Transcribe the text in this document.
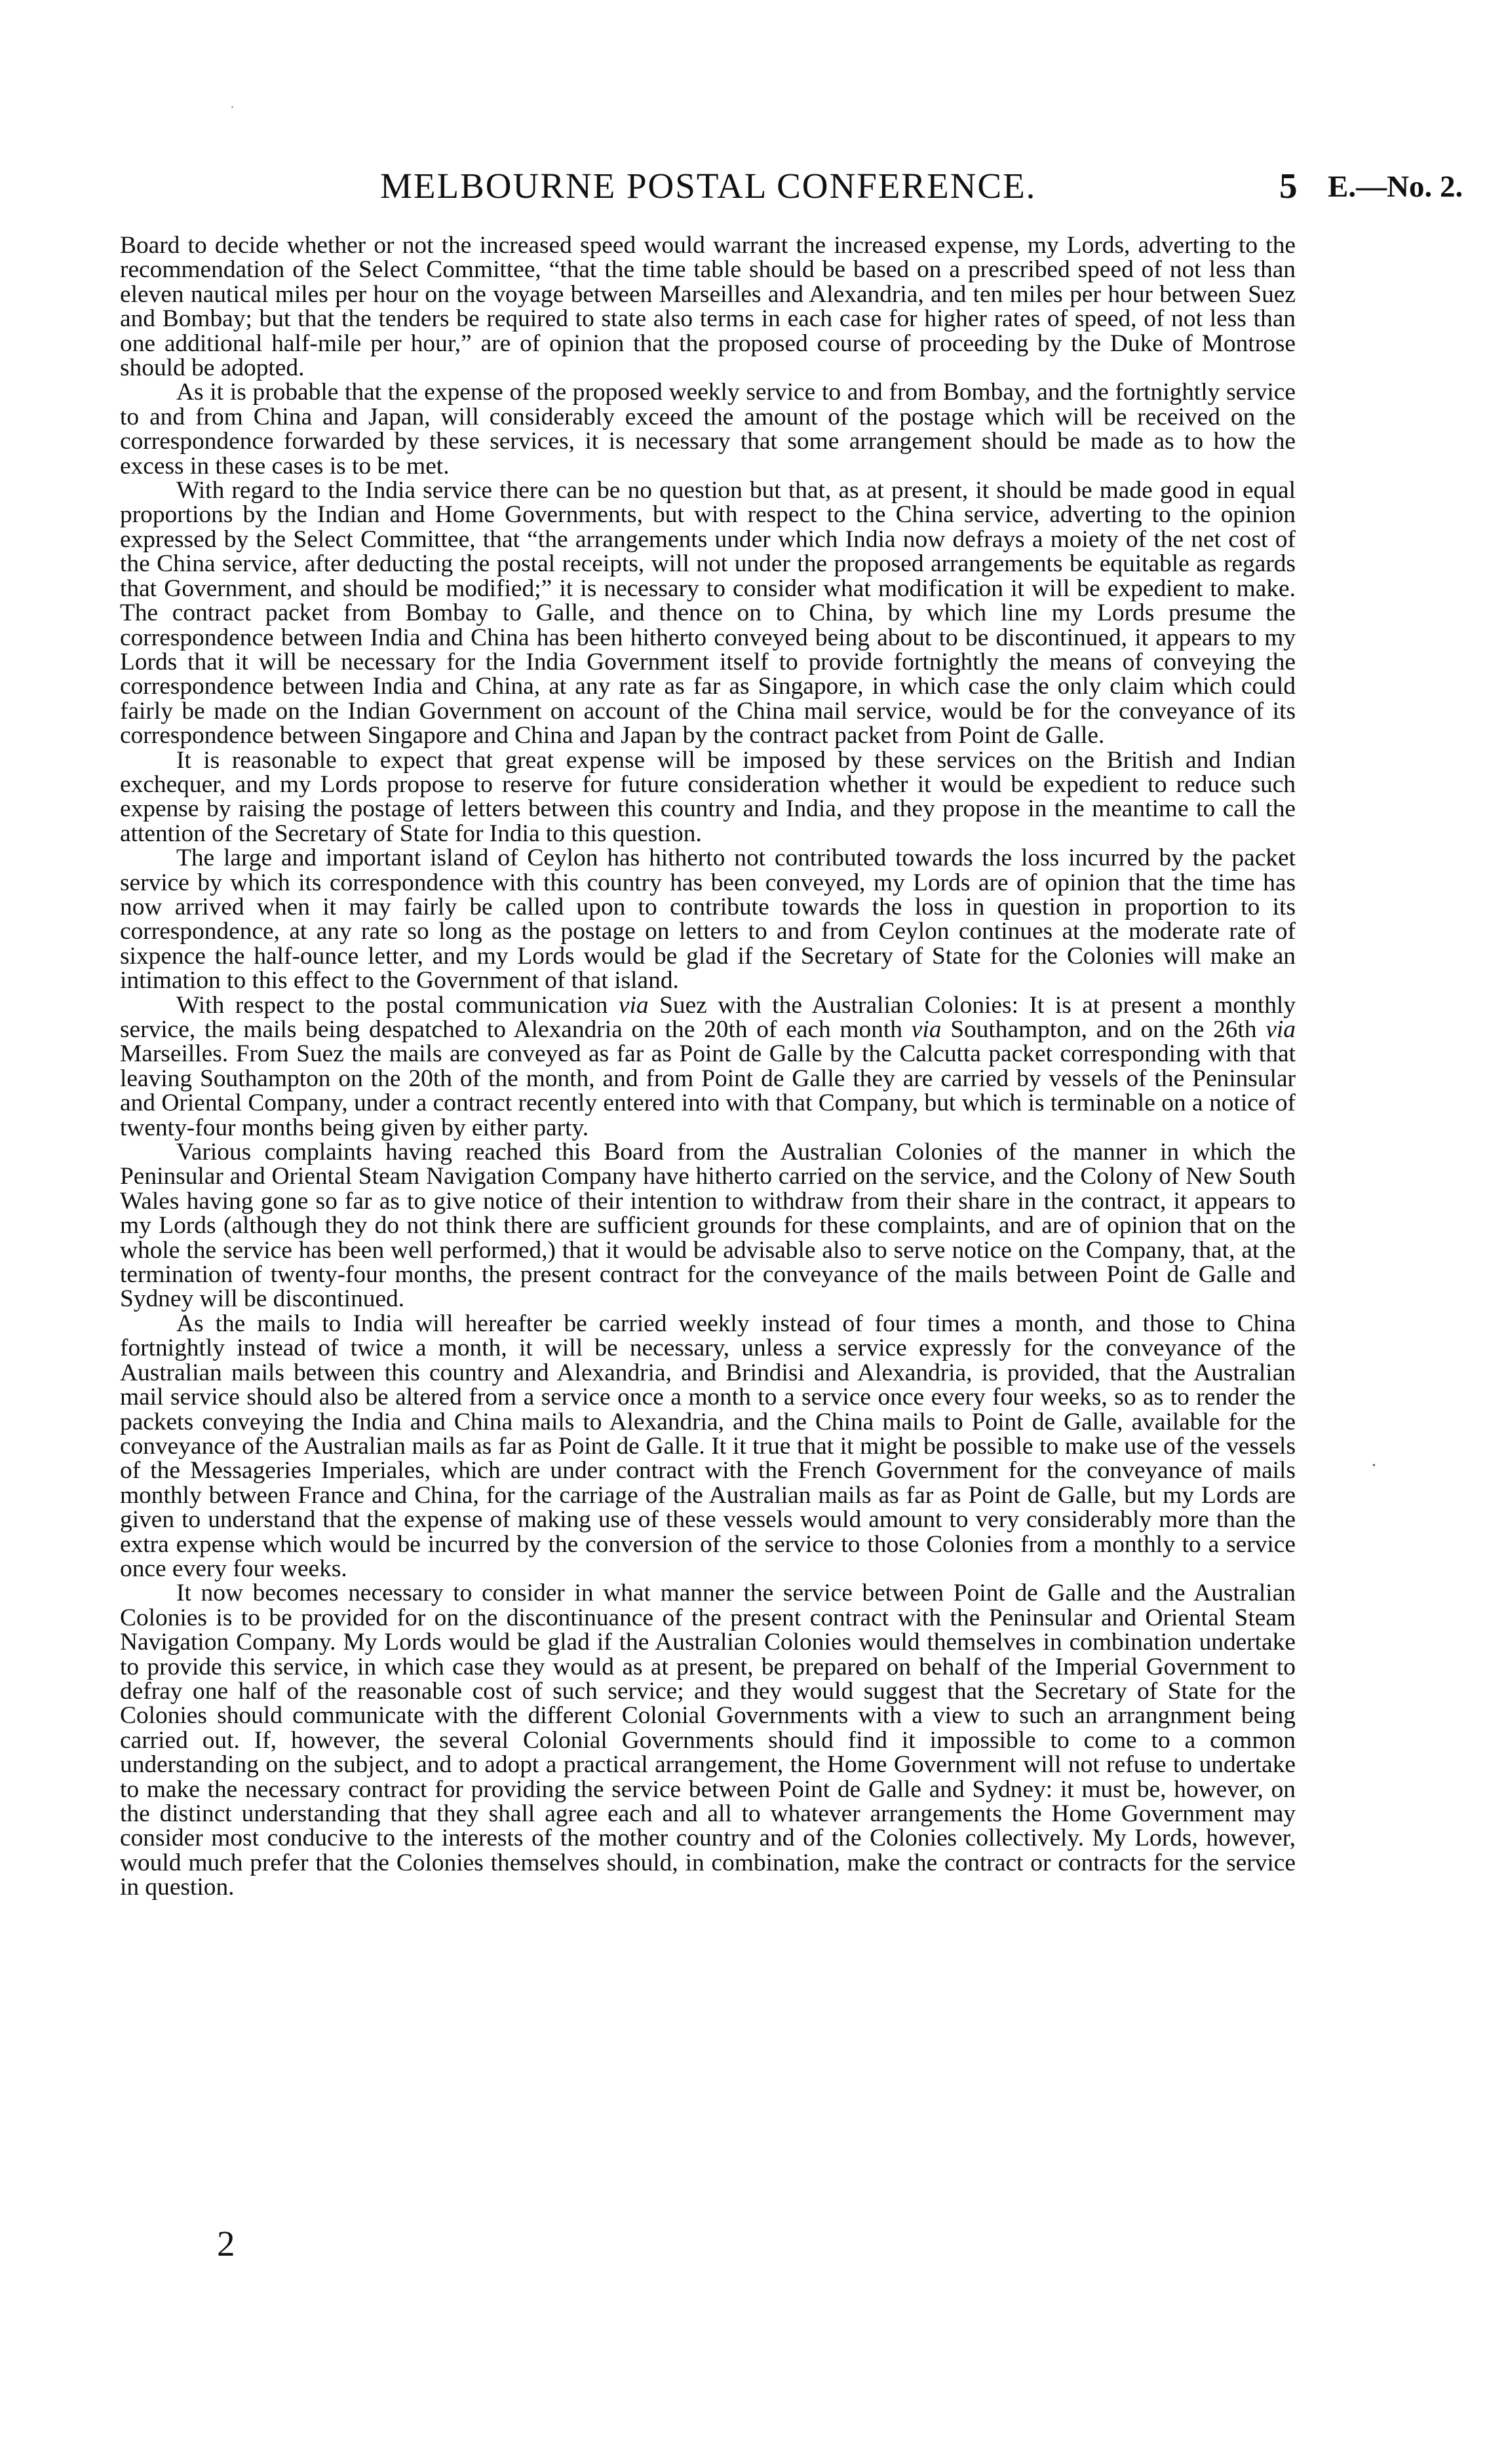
’
•
MELBOURNE POSTAL CONFERENCE.	5 E.—No. 2.

Board to decide whether or not the increased speed would warrant the increased expense, my Lords, adverting to the recommendation of the Select Committee, “that the time table should be based on a prescribed speed of not less than eleven nautical miles per hour on the voyage between Marseilles and Alexandria, and ten miles per hour between Suez and Bombay; but that the tenders be required to state also terms in each case for higher rates of speed, of not less than one additional half-mile per hour,” are of opinion that the proposed course of proceeding by the Duke of Montrose should be adopted.

As it is probable that the expense of the proposed weekly service to and from Bombay, and the fortnightly service to and from China and Japan, will considerably exceed the amount of the postage which will be received on the correspondence forwarded by these services, it is necessary that some arrangement should be made as to how the excess in these cases is to be met.

With regard to the India service there can be no question but that, as at present, it should be made good in equal proportions by the Indian and Home Governments, but with respect to the China service, adverting to the opinion expressed by the Select Committee, that “the arrangements under which India now defrays a moiety of the net cost of the China service, after deducting the postal receipts, will not under the proposed arrangements be equitable as regards that Government, and should be modified;” it is necessary to consider what modification it will be expedient to make. The contract packet from Bombay to Galle, and thence on to China, by which line my Lords presume the correspondence between India and China has been hitherto conveyed being about to be discontinued, it appears to my Lords that it will be necessary for the India Government itself to provide fortnightly the means of conveying the correspondence between India and China, at any rate as far as Singapore, in which case the only claim which could fairly be made on the Indian Government on account of the China mail service, would be for the conveyance of its correspondence between Singapore and China and Japan by the contract packet from Point de Galle.

It is reasonable to expect that great expense will be imposed by these services on the British and Indian exchequer, and my Lords propose to reserve for future consideration whether it would be expedient to reduce such expense by raising the postage of letters between this country and India, and they propose in the meantime to call the attention of the Secretary of State for India to this question.

The large and important island of Ceylon has hitherto not contributed towards the loss incurred by the packet service by which its correspondence with this country has been conveyed, my Lords are of opinion that the time has now arrived when it may fairly be called upon to contribute towards the loss in question in proportion to its correspondence, at any rate so long as the postage on letters to and from Ceylon continues at the moderate rate of sixpence the half-ounce letter, and my Lords would be glad if the Secretary of State for the Colonies will make an intimation to this effect to the Government of that island.

With respect to the postal communication via Suez with the Australian Colonies: It is at present a monthly service, the mails being despatched to Alexandria on the 20th of each month via Southampton, and on the 26th via Marseilles. From Suez the mails are conveyed as far as Point de Galle by the Calcutta packet corresponding with that leaving Southampton on the 20th of the month, and from Point de Galle they are carried by vessels of the Peninsular and Oriental Company, under a contract recently entered into with that Company, but which is terminable on a notice of twenty-four months being given by either party.

Various complaints having reached this Board from the Australian Colonies of the manner in which the Peninsular and Oriental Steam Navigation Company have hitherto carried on the service, and the Colony of New South Wales having gone so far as to give notice of their intention to withdraw from their share in the contract, it appears to my Lords (although they do not think there are sufficient grounds for these complaints, and are of opinion that on the whole the service has been well performed,) that it would be advisable also to serve notice on the Company, that, at the termination of twenty-four months, the present contract for the conveyance of the mails between Point de Galle and Sydney will be discontinued.

As the mails to India will hereafter be carried weekly instead of four times a month, and those to China fortnightly instead of twice a month, it will be necessary, unless a service expressly for the conveyance of the Australian mails between this country and Alexandria, and Brindisi and Alexandria, is provided, that the Australian mail service should also be altered from a service once a month to a service once every four weeks, so as to render the packets conveying the India and China mails to Alexandria, and the China mails to Point de Galle, available for the conveyance of the Australian mails as far as Point de Galle. It it true that it might be possible to make use of the vessels of the Messageries Imperiales, which are under contract with the French Government for the conveyance of mails monthly between France and China, for the carriage of the Australian mails as far as Point de Galle, but my Lords are given to understand that the expense of making use of these vessels would amount to very considerably more than the extra expense which would be incurred by the conversion of the service to those Colonies from a monthly to a service once every four weeks.

It now becomes necessary to consider in what manner the service between Point de Galle and the Australian Colonies is to be provided for on the discontinuance of the present contract with the Peninsular and Oriental Steam Navigation Company. My Lords would be glad if the Australian Colonies would themselves in combination undertake to provide this service, in which case they would as at present, be prepared on behalf of the Imperial Government to defray one half of the reasonable cost of such service; and they would suggest that the Secretary of State for the Colonies should communicate with the different Colonial Governments with a view to such an arrangnment being carried out. If, however, the several Colonial Governments should find it impossible to come to a common understanding on the subject, and to adopt a practical arrangement, the Home Government will not refuse to undertake to make the necessary contract for providing the service between Point de Galle and Sydney: it must be, however, on the distinct understanding that they shall agree each and all to whatever arrangements the Home Government may consider most conducive to the interests of the mother country and of the Colonies collectively. My Lords, however, would much prefer that the Colonies themselves should, in combination, make the contract or contracts for the service in question.

2
